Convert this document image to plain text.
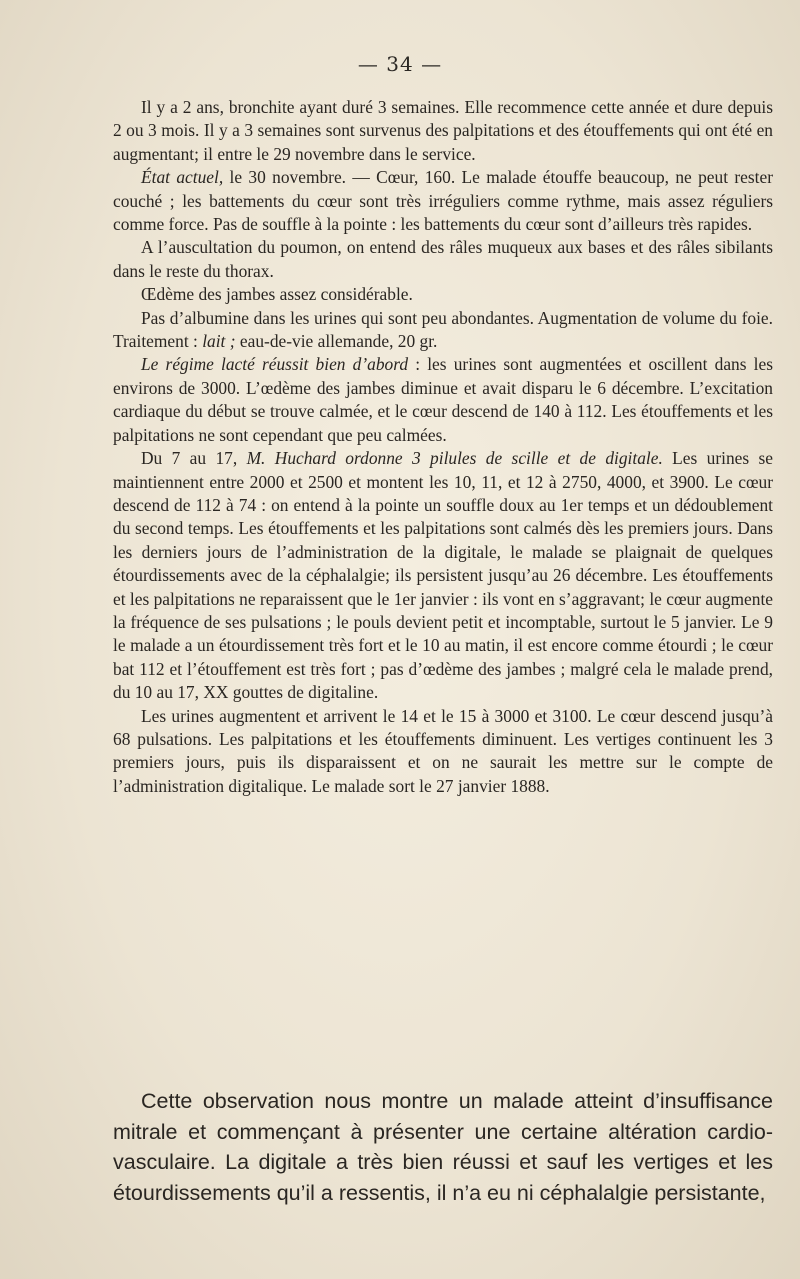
— 34 —

Il y a 2 ans, bronchite ayant duré 3 semaines. Elle recommence cette année et dure depuis 2 ou 3 mois. Il y a 3 semaines sont survenus des palpitations et des étouffements qui ont été en augmentant; il entre le 29 novembre dans le service.

État actuel, le 30 novembre. — Cœur, 160. Le malade étouffe beaucoup, ne peut rester couché ; les battements du cœur sont très irréguliers comme rythme, mais assez réguliers comme force. Pas de souffle à la pointe : les battements du cœur sont d’ailleurs très rapides.

A l’auscultation du poumon, on entend des râles muqueux aux bases et des râles sibilants dans le reste du thorax.

Œdème des jambes assez considérable.

Pas d’albumine dans les urines qui sont peu abondantes. Augmentation de volume du foie. Traitement : lait ; eau-de-vie allemande, 20 gr.

Le régime lacté réussit bien d’abord : les urines sont augmentées et oscillent dans les environs de 3000. L’œdème des jambes diminue et avait disparu le 6 décembre. L’excitation cardiaque du début se trouve calmée, et le cœur descend de 140 à 112. Les étouffements et les palpitations ne sont cependant que peu calmées.

Du 7 au 17, M. Huchard ordonne 3 pilules de scille et de digitale. Les urines se maintiennent entre 2000 et 2500 et montent les 10, 11, et 12 à 2750, 4000, et 3900. Le cœur descend de 112 à 74 : on entend à la pointe un souffle doux au 1er temps et un dédoublement du second temps. Les étouffements et les palpitations sont calmés dès les premiers jours. Dans les derniers jours de l’administration de la digitale, le malade se plaignait de quelques étourdissements avec de la céphalalgie; ils persistent jusqu’au 26 décembre. Les étouffements et les palpitations ne reparaissent que le 1er janvier : ils vont en s’aggravant; le cœur augmente la fréquence de ses pulsations ; le pouls devient petit et incomptable, surtout le 5 janvier. Le 9 le malade a un étourdissement très fort et le 10 au matin, il est encore comme étourdi ; le cœur bat 112 et l’étouffement est très fort ; pas d’œdème des jambes ; malgré cela le malade prend, du 10 au 17, XX gouttes de digitaline.

Les urines augmentent et arrivent le 14 et le 15 à 3000 et 3100. Le cœur descend jusqu’à 68 pulsations. Les palpitations et les étouffements diminuent. Les vertiges continuent les 3 premiers jours, puis ils disparaissent et on ne saurait les mettre sur le compte de l’administration digitalique. Le malade sort le 27 janvier 1888.

Cette observation nous montre un malade atteint d’insuffisance mitrale et commençant à présenter une certaine altération cardio-vasculaire. La digitale a très bien réussi et sauf les vertiges et les étourdissements qu’il a ressentis, il n’a eu ni céphalalgie persistante,
